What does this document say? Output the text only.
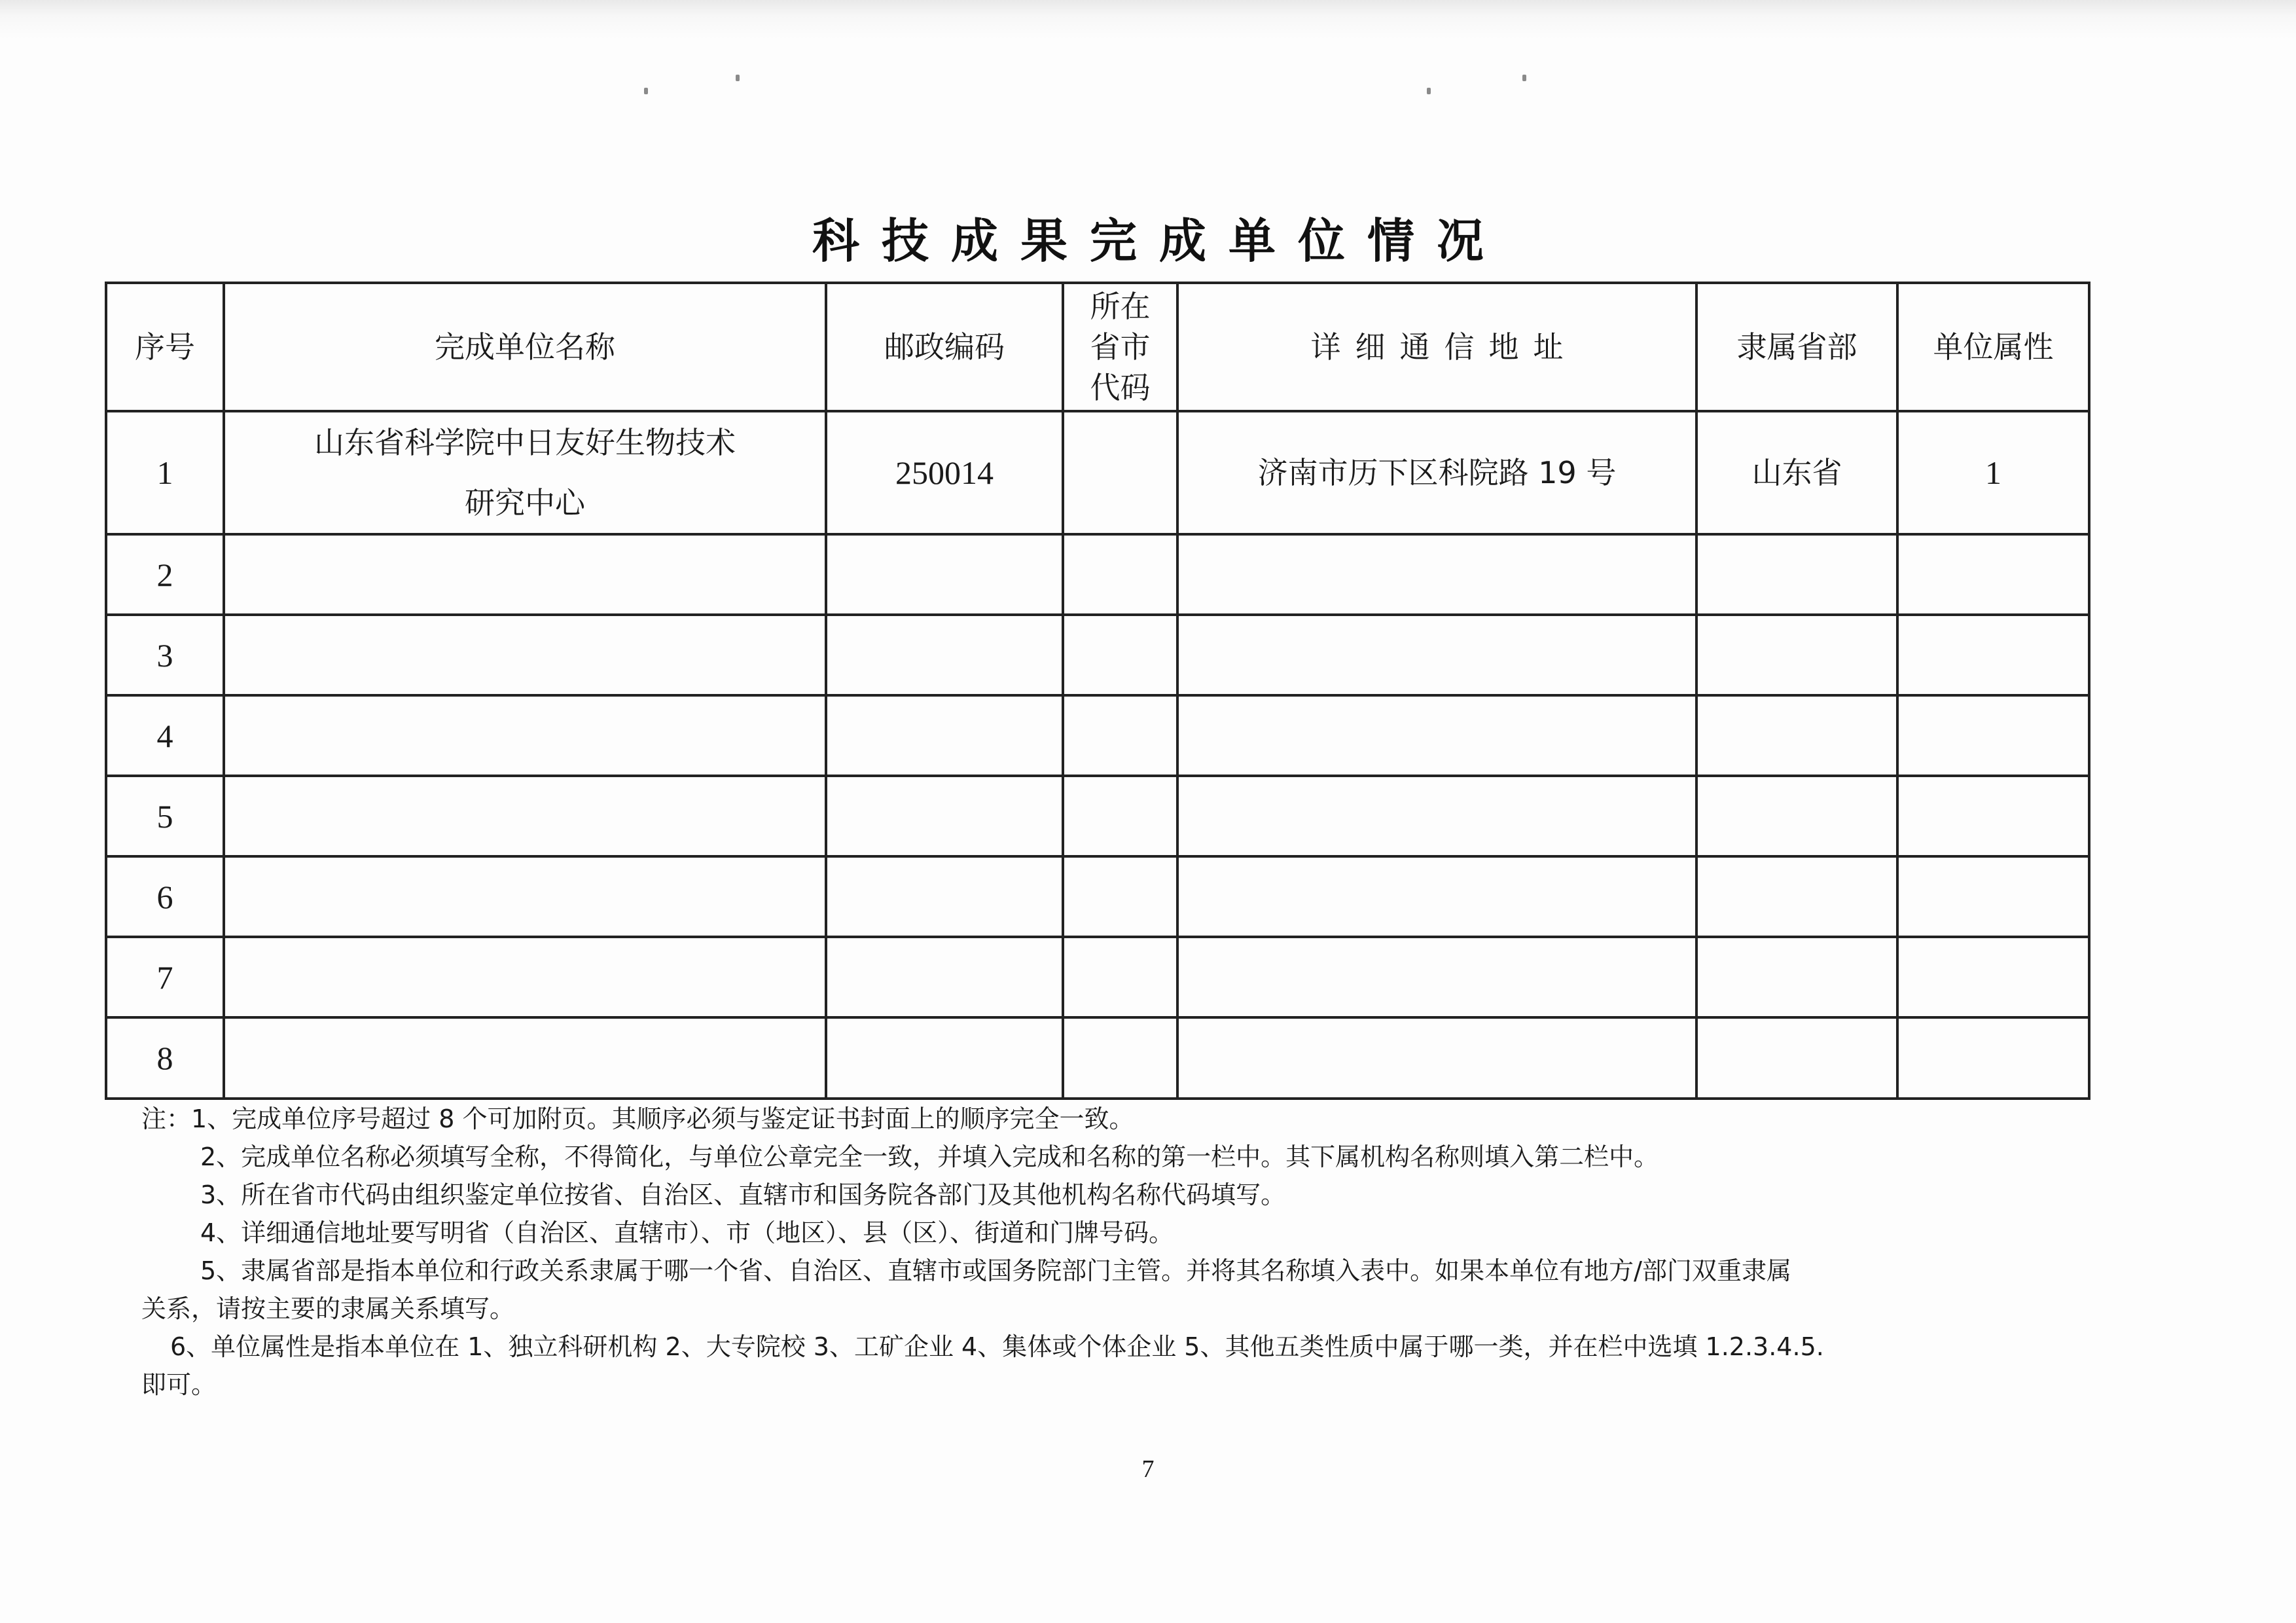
科技成果完成单位情况
序号	完成单位名称	邮政编码	所在
省市
代码	详细通信地址	隶属省部	单位属性
1	山东省科学院中日友好生物技术
研究中心	250014		济南市历下区科院路 19 号	山东省	1
2						
3						
4						
5						
6						
7						
8						
注：1、完成单位序号超过 8 个可加附页。其顺序必须与鉴定证书封面上的顺序完全一致。
2、完成单位名称必须填写全称，不得简化，与单位公章完全一致，并填入完成和名称的第一栏中。其下属机构名称则填入第二栏中。
3、所在省市代码由组织鉴定单位按省、自治区、直辖市和国务院各部门及其他机构名称代码填写。
4、详细通信地址要写明省（自治区、直辖市）、市（地区）、县（区）、街道和门牌号码。
5、隶属省部是指本单位和行政关系隶属于哪一个省、自治区、直辖市或国务院部门主管。并将其名称填入表中。如果本单位有地方/部门双重隶属
关系，请按主要的隶属关系填写。
6、单位属性是指本单位在 1、独立科研机构 2、大专院校 3、工矿企业 4、集体或个体企业 5、其他五类性质中属于哪一类，并在栏中选填 1.2.3.4.5.
即可。
7
